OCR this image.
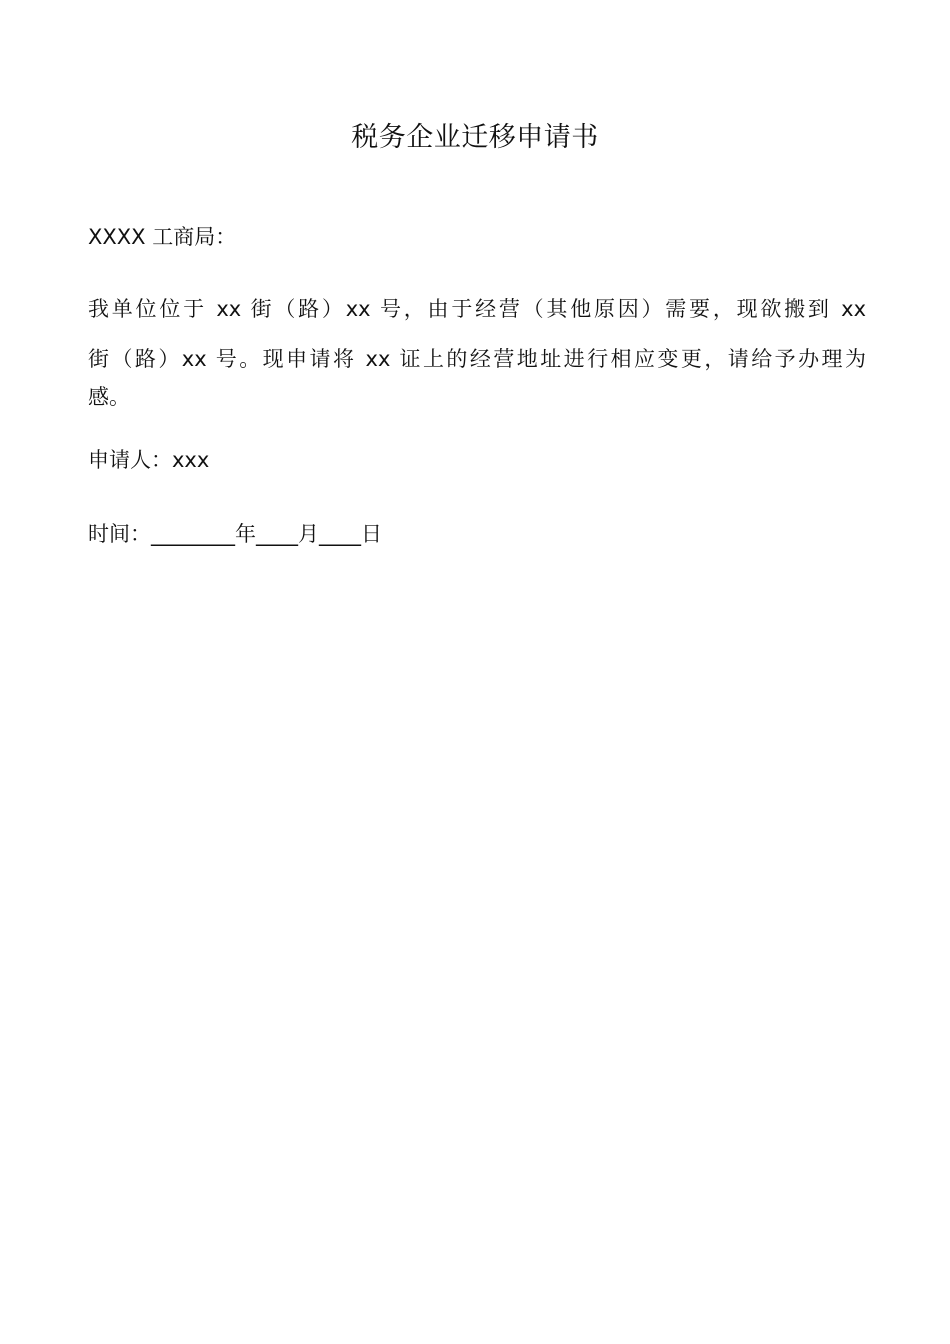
税务企业迁移申请书

XXXX 工商局：

我单位位于 xx 街（路）xx 号，由于经营（其他原因）需要，现欲搬到 xx
街（路）xx 号。现申请将 xx 证上的经营地址进行相应变更，请给予办理为
感。

申请人：xxx

时间：________年____月____日
